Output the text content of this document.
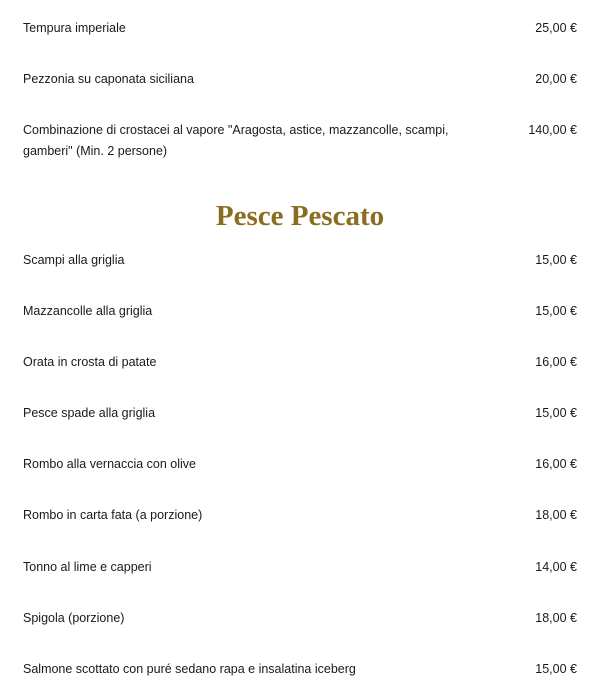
Tempura imperiale	25,00 €
Pezzonia su caponata siciliana	20,00 €
Combinazione di crostacei al vapore "Aragosta, astice, mazzancolle, scampi, gamberi" (Min. 2 persone)
140,00 €
Pesce Pescato
Scampi alla griglia	15,00 €
Mazzancolle alla griglia	15,00 €
Orata in crosta di patate	16,00 €
Pesce spade alla griglia	15,00 €
Rombo alla vernaccia con olive	16,00 €
Rombo in carta fata (a porzione)	18,00 €
Tonno al lime e capperi	14,00 €
Spigola (porzione)	18,00 €
Salmone scottato con puré sedano rapa e insalatina iceberg	15,00 €
